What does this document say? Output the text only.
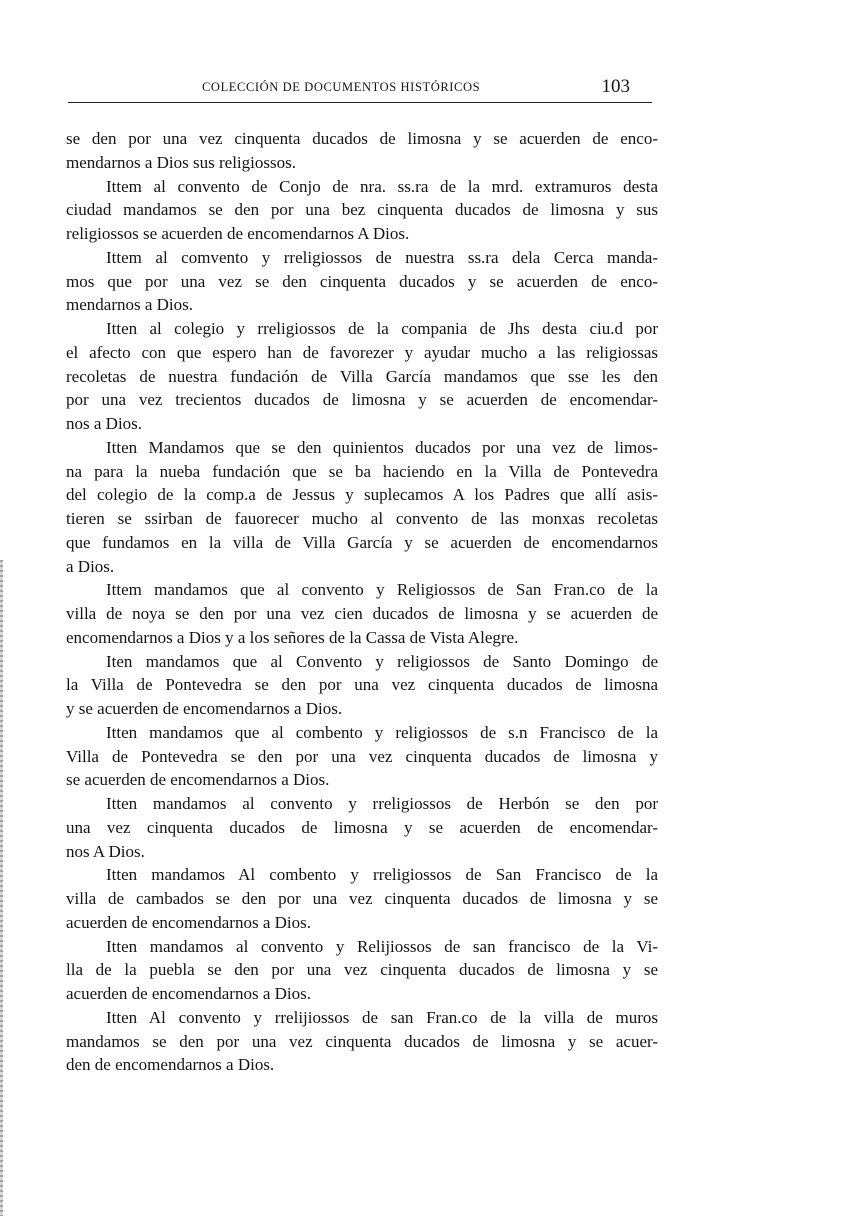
COLECCIÓN DE DOCUMENTOS HISTÓRICOS	103
se den por una vez cinquenta ducados de limosna y se acuerden de enco-
mendarnos a Dios sus religiossos.
Ittem al convento de Conjo de nra. ss.ra de la mrd. extramuros desta
ciudad mandamos se den por una bez cinquenta ducados de limosna y sus
religiossos se acuerden de encomendarnos A Dios.
Ittem al comvento y rreligiossos de nuestra ss.ra dela Cerca manda-
mos que por una vez se den cinquenta ducados y se acuerden de enco-
mendarnos a Dios.
Itten al colegio y rreligiossos de la compania de Jhs desta ciu.d por
el afecto con que espero han de favorezer y ayudar mucho a las religiossas
recoletas de nuestra fundación de Villa García mandamos que sse les den
por una vez trecientos ducados de limosna y se acuerden de encomendar-
nos a Dios.
Itten Mandamos que se den quinientos ducados por una vez de limos-
na para la nueba fundación que se ba haciendo en la Villa de Pontevedra
del colegio de la comp.a de Jessus y suplecamos A los Padres que allí asis-
tieren se ssirban de fauorecer mucho al convento de las monxas recoletas
que fundamos en la villa de Villa García y se acuerden de encomendarnos
a Dios.
Ittem mandamos que al convento y Religiossos de San Fran.co de la
villa de noya se den por una vez cien ducados de limosna y se acuerden de
encomendarnos a Dios y a los señores de la Cassa de Vista Alegre.
Iten mandamos que al Convento y religiossos de Santo Domingo de
la Villa de Pontevedra se den por una vez cinquenta ducados de limosna
y se acuerden de encomendarnos a Dios.
Itten mandamos que al combento y religiossos de s.n Francisco de la
Villa de Pontevedra se den por una vez cinquenta ducados de limosna y
se acuerden de encomendarnos a Dios.
Itten mandamos al convento y rreligiossos de Herbón se den por
una vez cinquenta ducados de limosna y se acuerden de encomendar-
nos A Dios.
Itten mandamos Al combento y rreligiossos de San Francisco de la
villa de cambados se den por una vez cinquenta ducados de limosna y se
acuerden de encomendarnos a Dios.
Itten mandamos al convento y Relijiossos de san francisco de la Vi-
lla de la puebla se den por una vez cinquenta ducados de limosna y se
acuerden de encomendarnos a Dios.
Itten Al convento y rrelijiossos de san Fran.co de la villa de muros
mandamos se den por una vez cinquenta ducados de limosna y se acuer-
den de encomendarnos a Dios.
